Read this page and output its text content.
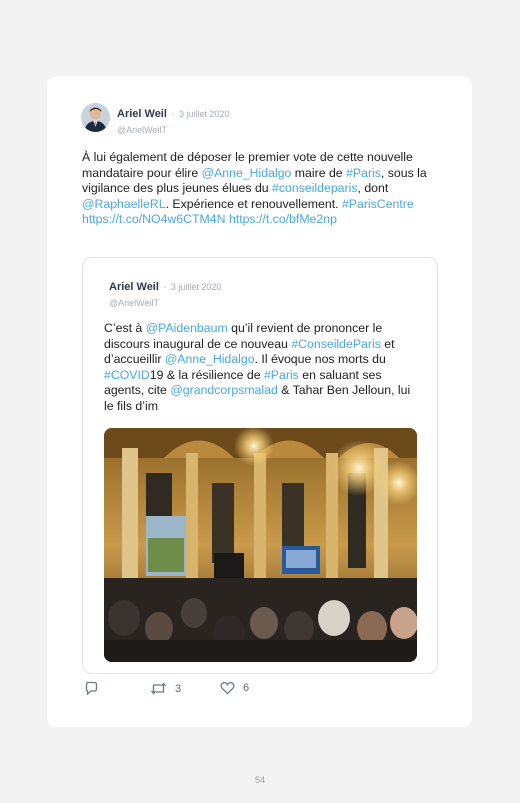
Ariel Weil · 3 juillet 2020
@ArielWeilT
À lui également de déposer le premier vote de cette nouvelle mandataire pour élire @Anne_Hidalgo maire de #Paris, sous la vigilance des plus jeunes élues du #conseildeparis, dont @RaphaelleRL. Expérience et renouvellement. #ParisCentre https://t.co/NO4w6CTM4N https://t.co/bfMe2np
Ariel Weil · 3 juillet 2020
@ArielWeilT
C’est à @PAidenbaum qu’il revient de prononcer le discours inaugural de ce nouveau #ConseildeParis et d’accueillir @Anne_Hidalgo. Il évoque nos morts du #COVID19 & la résilience de #Paris en saluant ses agents, cite @grandcorpsmalad & Tahar Ben Jelloun, lui le fils d’im
3	6
54
